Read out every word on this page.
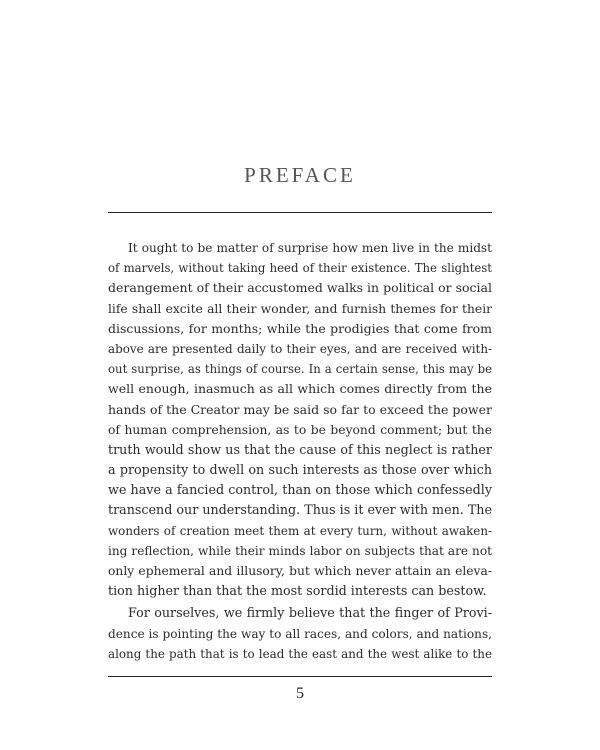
PREFACE
It ought to be matter of surprise how men live in the midst
of marvels, without taking heed of their existence. The slightest
derangement of their accustomed walks in political or social
life shall excite all their wonder, and furnish themes for their
discussions, for months; while the prodigies that come from
above are presented daily to their eyes, and are received with-
out surprise, as things of course. In a certain sense, this may be
well enough, inasmuch as all which comes directly from the
hands of the Creator may be said so far to exceed the power
of human comprehension, as to be beyond comment; but the
truth would show us that the cause of this neglect is rather
a propensity to dwell on such interests as those over which
we have a fancied control, than on those which confessedly
transcend our understanding. Thus is it ever with men. The
wonders of creation meet them at every turn, without awaken-
ing reflection, while their minds labor on subjects that are not
only ephemeral and illusory, but which never attain an eleva-
tion higher than that the most sordid interests can bestow.
For ourselves, we firmly believe that the finger of Provi-
dence is pointing the way to all races, and colors, and nations,
along the path that is to lead the east and the west alike to the
5
